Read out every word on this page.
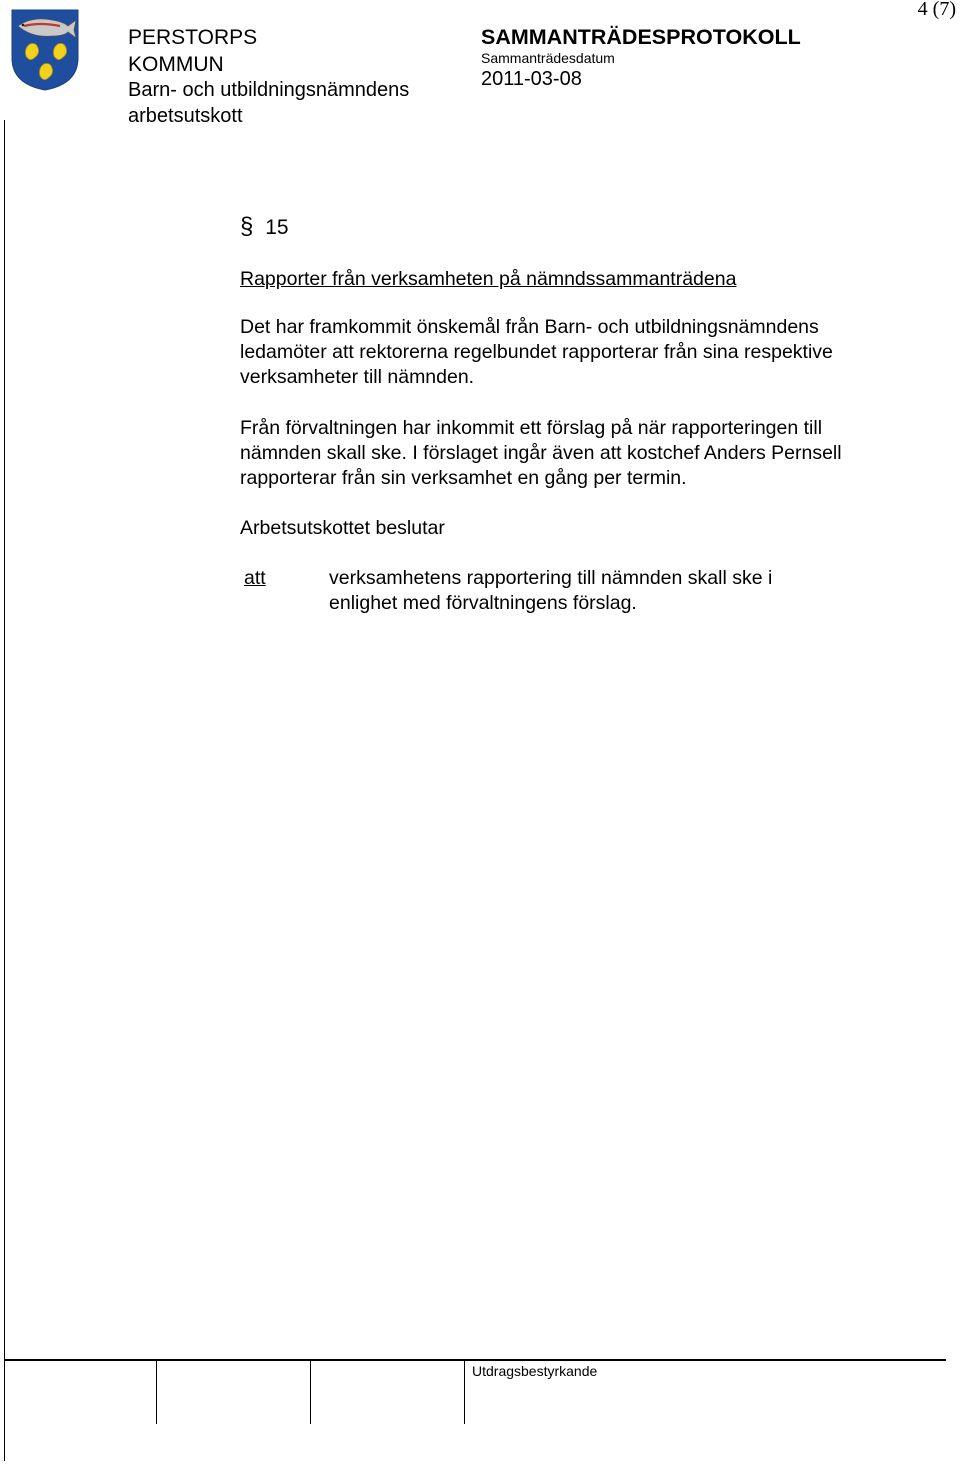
PERSTORPS
KOMMUN
Barn- och utbildningsnämndens
arbetsutskott
SAMMANTRÄDESPROTOKOLL
Sammanträdesdatum
2011-03-08
4 (7)
§ 15
Rapporter från verksamheten på nämndssammanträdena
Det har framkommit önskemål från Barn- och utbildningsnämndens
ledamöter att rektorerna regelbundet rapporterar från sina respektive
verksamheter till nämnden.
Från förvaltningen har inkommit ett förslag på när rapporteringen till
nämnden skall ske. I förslaget ingår även att kostchef Anders Pernsell
rapporterar från sin verksamhet en gång per termin.
Arbetsutskottet beslutar
att	verksamhetens rapportering till nämnden skall ske i
enlighet med förvaltningens förslag.
Utdragsbestyrkande
